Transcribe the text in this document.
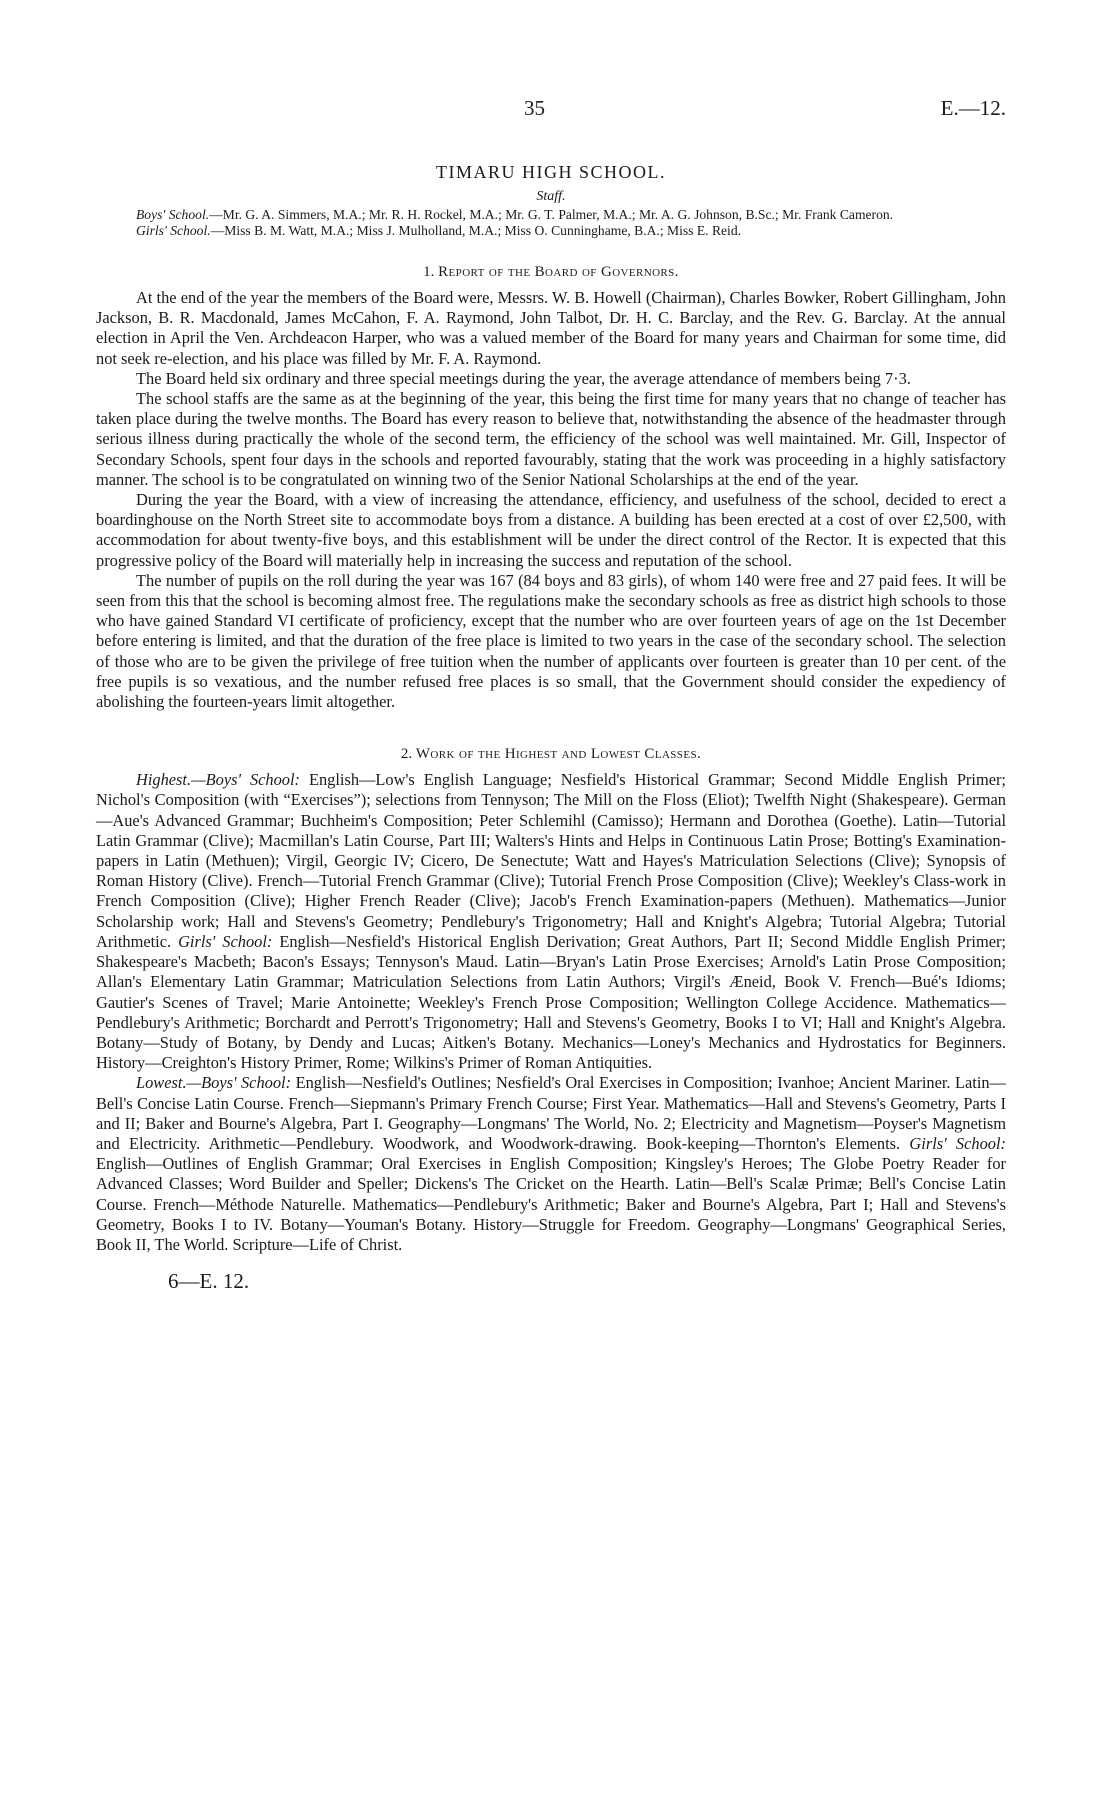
35	E.—12.
TIMARU HIGH SCHOOL.
Staff.

Boys' School.—Mr. G. A. Simmers, M.A.; Mr. R. H. Rockel, M.A.; Mr. G. T. Palmer, M.A.; Mr. A. G. Johnson, B.Sc.; Mr. Frank Cameron.

Girls' School.—Miss B. M. Watt, M.A.; Miss J. Mulholland, M.A.; Miss O. Cunninghame, B.A.; Miss E. Reid.

1. Report of the Board of Governors.

At the end of the year the members of the Board were, Messrs. W. B. Howell (Chairman), Charles Bowker, Robert Gillingham, John Jackson, B. R. Macdonald, James McCahon, F. A. Raymond, John Talbot, Dr. H. C. Barclay, and the Rev. G. Barclay. At the annual election in April the Ven. Archdeacon Harper, who was a valued member of the Board for many years and Chairman for some time, did not seek re-election, and his place was filled by Mr. F. A. Raymond.

The Board held six ordinary and three special meetings during the year, the average attendance of members being 7·3.

The school staffs are the same as at the beginning of the year, this being the first time for many years that no change of teacher has taken place during the twelve months. The Board has every reason to believe that, notwithstanding the absence of the headmaster through serious illness during practically the whole of the second term, the efficiency of the school was well maintained. Mr. Gill, Inspector of Secondary Schools, spent four days in the schools and reported favourably, stating that the work was proceeding in a highly satisfactory manner. The school is to be congratulated on winning two of the Senior National Scholarships at the end of the year.

During the year the Board, with a view of increasing the attendance, efficiency, and usefulness of the school, decided to erect a boardinghouse on the North Street site to accommodate boys from a distance. A building has been erected at a cost of over £2,500, with accommodation for about twenty-five boys, and this establishment will be under the direct control of the Rector. It is expected that this progressive policy of the Board will materially help in increasing the success and reputation of the school.

The number of pupils on the roll during the year was 167 (84 boys and 83 girls), of whom 140 were free and 27 paid fees. It will be seen from this that the school is becoming almost free. The regulations make the secondary schools as free as district high schools to those who have gained Standard VI certificate of proficiency, except that the number who are over fourteen years of age on the 1st December before entering is limited, and that the duration of the free place is limited to two years in the case of the secondary school. The selection of those who are to be given the privilege of free tuition when the number of applicants over fourteen is greater than 10 per cent. of the free pupils is so vexatious, and the number refused free places is so small, that the Government should consider the expediency of abolishing the fourteen-years limit altogether.

2. Work of the Highest and Lowest Classes.

Highest.—Boys' School: English—Low's English Language; Nesfield's Historical Grammar; Second Middle English Primer; Nichol's Composition (with “Exercises”); selections from Tennyson; The Mill on the Floss (Eliot); Twelfth Night (Shakespeare). German—Aue's Advanced Grammar; Buchheim's Composition; Peter Schlemihl (Camisso); Hermann and Dorothea (Goethe). Latin—Tutorial Latin Grammar (Clive); Macmillan's Latin Course, Part III; Walters's Hints and Helps in Continuous Latin Prose; Botting's Examination-papers in Latin (Methuen); Virgil, Georgic IV; Cicero, De Senectute; Watt and Hayes's Matriculation Selections (Clive); Synopsis of Roman History (Clive). French—Tutorial French Grammar (Clive); Tutorial French Prose Composition (Clive); Weekley's Class-work in French Composition (Clive); Higher French Reader (Clive); Jacob's French Examination-papers (Methuen). Mathematics—Junior Scholarship work; Hall and Stevens's Geometry; Pendlebury's Trigonometry; Hall and Knight's Algebra; Tutorial Algebra; Tutorial Arithmetic. Girls' School: English—Nesfield's Historical English Derivation; Great Authors, Part II; Second Middle English Primer; Shakespeare's Macbeth; Bacon's Essays; Tennyson's Maud. Latin—Bryan's Latin Prose Exercises; Arnold's Latin Prose Composition; Allan's Elementary Latin Grammar; Matriculation Selections from Latin Authors; Virgil's Æneid, Book V. French—Bué's Idioms; Gautier's Scenes of Travel; Marie Antoinette; Weekley's French Prose Composition; Wellington College Accidence. Mathematics—Pendlebury's Arithmetic; Borchardt and Perrott's Trigonometry; Hall and Stevens's Geometry, Books I to VI; Hall and Knight's Algebra. Botany—Study of Botany, by Dendy and Lucas; Aitken's Botany. Mechanics—Loney's Mechanics and Hydrostatics for Beginners. History—Creighton's History Primer, Rome; Wilkins's Primer of Roman Antiquities.

Lowest.—Boys' School: English—Nesfield's Outlines; Nesfield's Oral Exercises in Composition; Ivanhoe; Ancient Mariner. Latin—Bell's Concise Latin Course. French—Siepmann's Primary French Course; First Year. Mathematics—Hall and Stevens's Geometry, Parts I and II; Baker and Bourne's Algebra, Part I. Geography—Longmans' The World, No. 2; Electricity and Magnetism—Poyser's Magnetism and Electricity. Arithmetic—Pendlebury. Woodwork, and Woodwork-drawing. Book-keeping—Thornton's Elements. Girls' School: English—Outlines of English Grammar; Oral Exercises in English Composition; Kingsley's Heroes; The Globe Poetry Reader for Advanced Classes; Word Builder and Speller; Dickens's The Cricket on the Hearth. Latin—Bell's Scalæ Primæ; Bell's Concise Latin Course. French—Méthode Naturelle. Mathematics—Pendlebury's Arithmetic; Baker and Bourne's Algebra, Part I; Hall and Stevens's Geometry, Books I to IV. Botany—Youman's Botany. History—Struggle for Freedom. Geography—Longmans' Geographical Series, Book II, The World. Scripture—Life of Christ.

6—E. 12.
